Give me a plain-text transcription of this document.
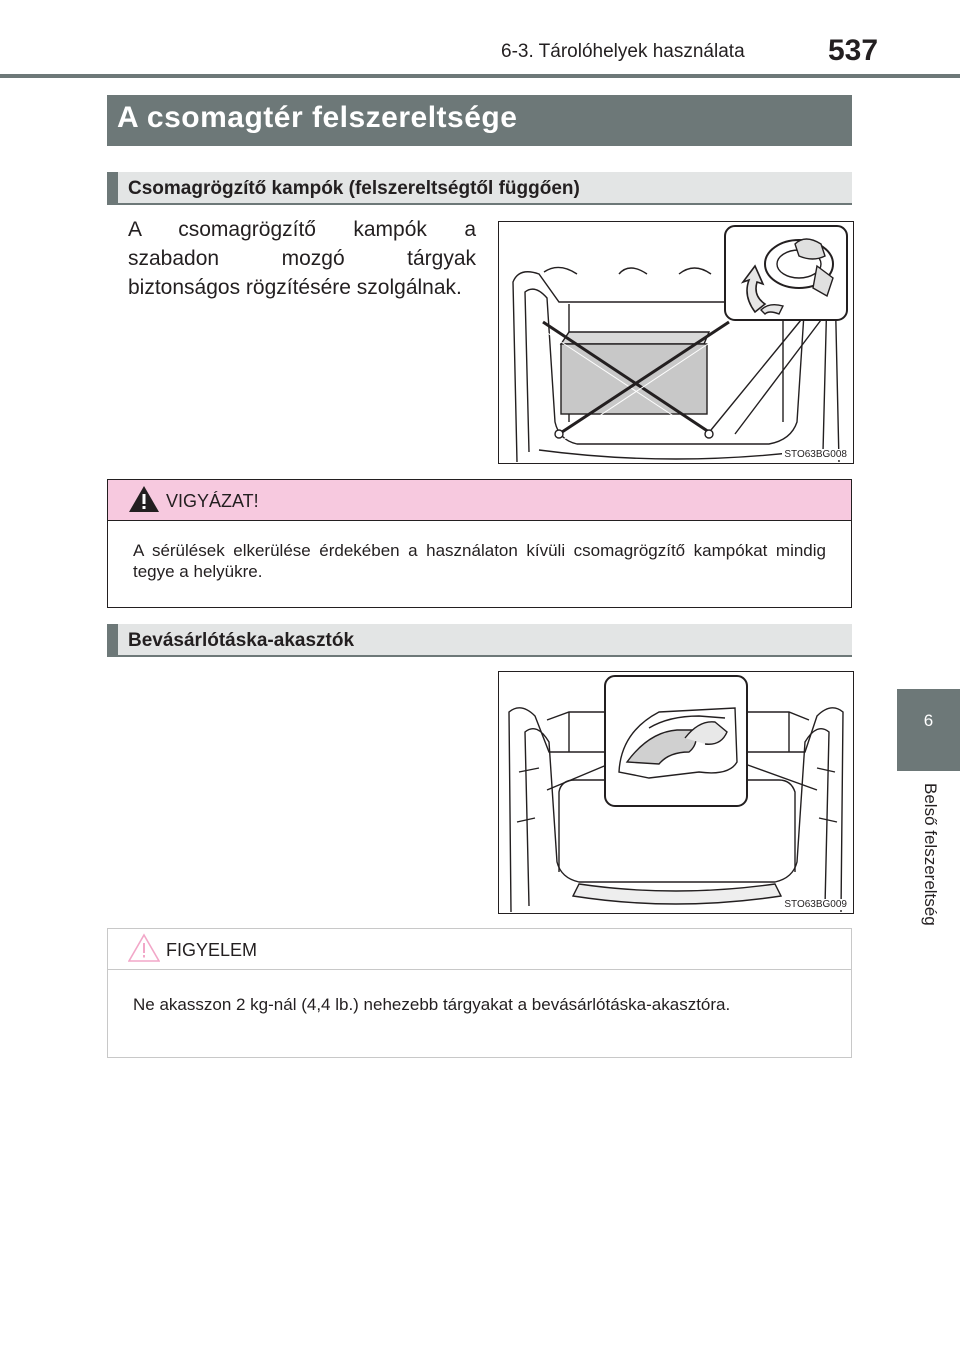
6-3. Tárolóhelyek használata	537
6
Belső felszereltség
A csomagtér felszereltsége
Csomagrögzítő kampók (felszereltségtől függően)
A csomagrögzítő kampók a szabadon mozgó tárgyak biztonságos rögzítésére szolgálnak.
STO63BG008
VIGYÁZAT!
A sérülések elkerülése érdekében a használaton kívüli csomagrögzítő kampókat mindig tegye a helyükre.
Bevásárlótáska-akasztók
STO63BG009
FIGYELEM
Ne akasszon 2 kg-nál (4,4 lb.) nehezebb tárgyakat a bevásárlótáska-akasztóra.
